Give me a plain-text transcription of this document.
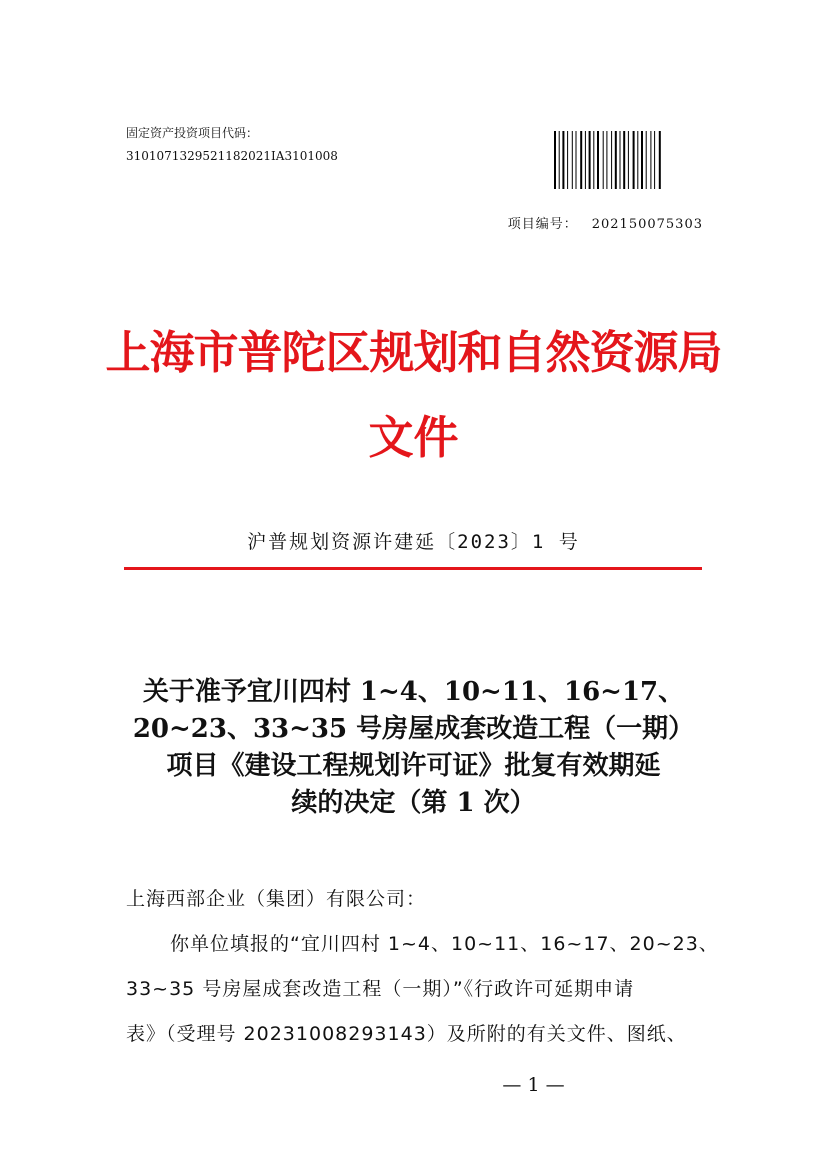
固定资产投资项目代码：
3101071329521182021IA3101008
项目编号： 202150075303
上海市普陀区规划和自然资源局
文件
沪普规划资源许建延〔2023〕1 号
关于准予宜川四村 1~4、10~11、16~17、
20~23、33~35 号房屋成套改造工程（一期）
项目《建设工程规划许可证》批复有效期延
续的决定（第 1 次）
上海西部企业（集团）有限公司：
你单位填报的“宜川四村 1~4、10~11、16~17、20~23、
33~35 号房屋成套改造工程（一期）”《行政许可延期申请
表》（受理号 20231008293143）及所附的有关文件、图纸、
— 1 —
